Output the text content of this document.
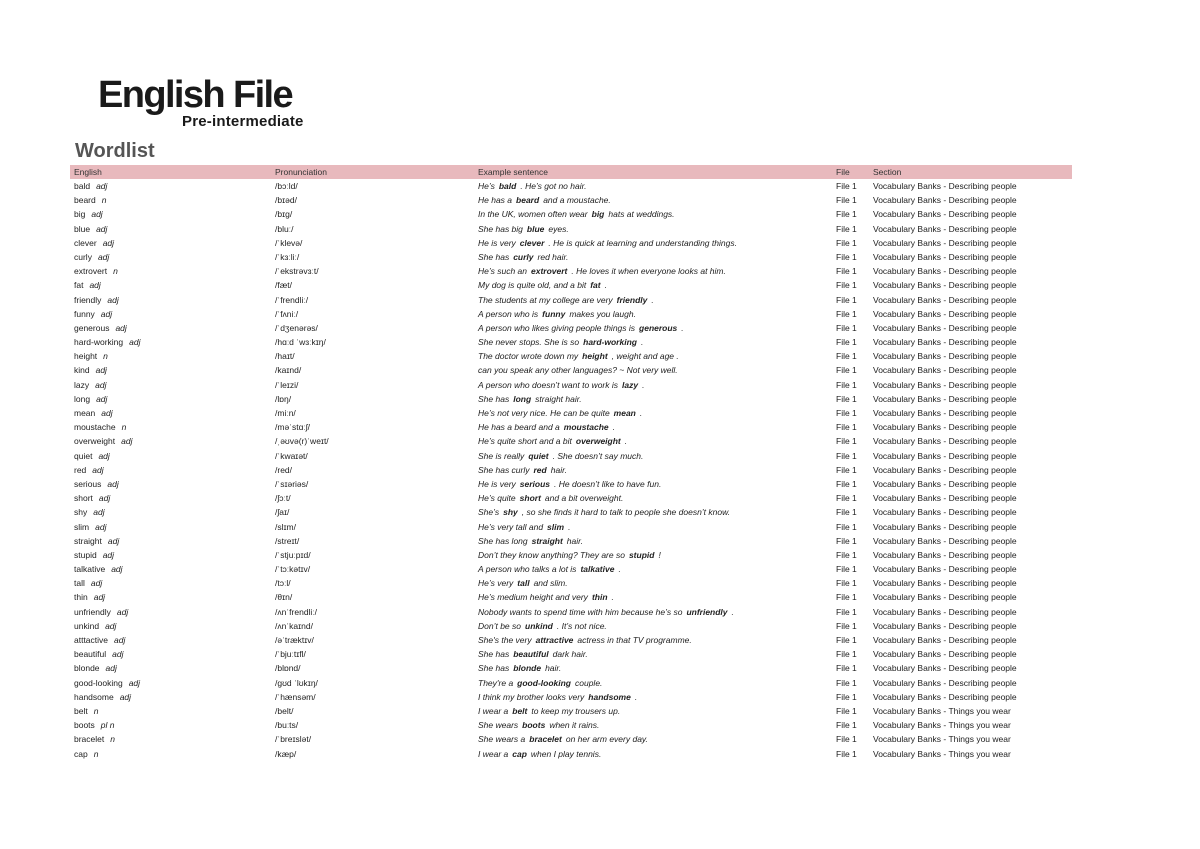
English File
Pre-intermediate
Wordlist
English	Pronunciation	Example sentence	File	Section
bald adj	/bɔːld/	He’s bald . He’s got no hair.	File 1 Vocabulary Banks - Describing people
beard n	/bɪəd/	He has a beard and a moustache.	File 1 Vocabulary Banks - Describing people
big adj	/bɪɡ/	In the UK, women often wear big hats at weddings.	File 1 Vocabulary Banks - Describing people
blue adj	/bluː/	She has big blue eyes.	File 1 Vocabulary Banks - Describing people
clever adj	/ˈklevə/	He is very clever . He is quick at learning and understanding things.	File 1 Vocabulary Banks - Describing people
curly adj	/ˈkɜːliː/	She has curly red hair.	File 1 Vocabulary Banks - Describing people
extrovert n	/ˈekstrəvɜːt/	He’s such an extrovert . He loves it when everyone looks at him.	File 1 Vocabulary Banks - Describing people
fat adj	/fæt/	My dog is quite old, and a bit fat .	File 1 Vocabulary Banks - Describing people
friendly adj	/ˈfrendliː/	The students at my college are very friendly .	File 1 Vocabulary Banks - Describing people
funny adj	/ˈfʌniː/	A person who is funny makes you laugh.	File 1 Vocabulary Banks - Describing people
generous adj	/ˈdʒenərəs/	A person who likes giving people things is generous .	File 1 Vocabulary Banks - Describing people
hard-working adj	/hɑːd ˈwɜːkɪŋ/	She never stops. She is so hard-working .	File 1 Vocabulary Banks - Describing people
height n	/haɪt/	The doctor wrote down my height , weight and age .	File 1 Vocabulary Banks - Describing people
kind adj	/kaɪnd/	can you speak any other languages? ~ Not very well.	File 1 Vocabulary Banks - Describing people
lazy adj	/ˈleɪzi/	A person who doesn’t want to work is lazy .	File 1 Vocabulary Banks - Describing people
long adj	/lɒŋ/	She has long straight hair.	File 1 Vocabulary Banks - Describing people
mean adj	/miːn/	He’s not very nice. He can be quite mean .	File 1 Vocabulary Banks - Describing people
moustache n	/məˈstɑːʃ/	He has a beard and a moustache .	File 1 Vocabulary Banks - Describing people
overweight adj	/ˌəʊvə(r)ˈweɪt/	He’s quite short and a bit overweight .	File 1 Vocabulary Banks - Describing people
quiet adj	/ˈkwaɪət/	She is really quiet . She doesn’t say much.	File 1 Vocabulary Banks - Describing people
red adj	/red/	She has curly red hair.	File 1 Vocabulary Banks - Describing people
serious adj	/ˈsɪəriəs/	He is very serious . He doesn’t like to have fun.	File 1 Vocabulary Banks - Describing people
short adj	/ʃɔːt/	He’s quite short and a bit overweight.	File 1 Vocabulary Banks - Describing people
shy adj	/ʃaɪ/	She’s shy , so she finds it hard to talk to people she doesn’t know.	File 1 Vocabulary Banks - Describing people
slim adj	/slɪm/	He’s very tall and slim .	File 1 Vocabulary Banks - Describing people
straight adj	/streɪt/	She has long straight hair.	File 1 Vocabulary Banks - Describing people
stupid adj	/ˈstjuːpɪd/	Don’t they know anything? They are so stupid !	File 1 Vocabulary Banks - Describing people
talkative adj	/ˈtɔːkətɪv/	A person who talks a lot is talkative .	File 1 Vocabulary Banks - Describing people
tall adj	/tɔːl/	He’s very tall and slim.	File 1 Vocabulary Banks - Describing people
thin adj	/θɪn/	He’s medium height and very thin .	File 1 Vocabulary Banks - Describing people
unfriendly adj	/ʌnˈfrendliː/	Nobody wants to spend time with him because he’s so unfriendly .	File 1 Vocabulary Banks - Describing people
unkind adj	/ʌnˈkaɪnd/	Don’t be so unkind . It’s not nice.	File 1 Vocabulary Banks - Describing people
atttactive adj	/əˈtræktɪv/	She's the very attractive actress in that TV programme.	File 1 Vocabulary Banks - Describing people
beautiful adj	/ˈbjuːtɪfl/	She has beautiful dark hair.	File 1 Vocabulary Banks - Describing people
blonde adj	/blɒnd/	She has blonde hair.	File 1 Vocabulary Banks - Describing people
good-looking adj	/ɡʊd ˈlʊkɪŋ/	They're a good-looking couple.	File 1 Vocabulary Banks - Describing people
handsome adj	/ˈhænsəm/	I think my brother looks very handsome .	File 1 Vocabulary Banks - Describing people
belt n	/belt/	I wear a belt to keep my trousers up.	File 1 Vocabulary Banks - Things you wear
boots pl n	/buːts/	She wears boots when it rains.	File 1 Vocabulary Banks - Things you wear
bracelet n	/ˈbreɪslət/	She wears a bracelet on her arm every day.	File 1 Vocabulary Banks - Things you wear
cap n	/kæp/	I wear a cap when I play tennis.	File 1 Vocabulary Banks - Things you wear
